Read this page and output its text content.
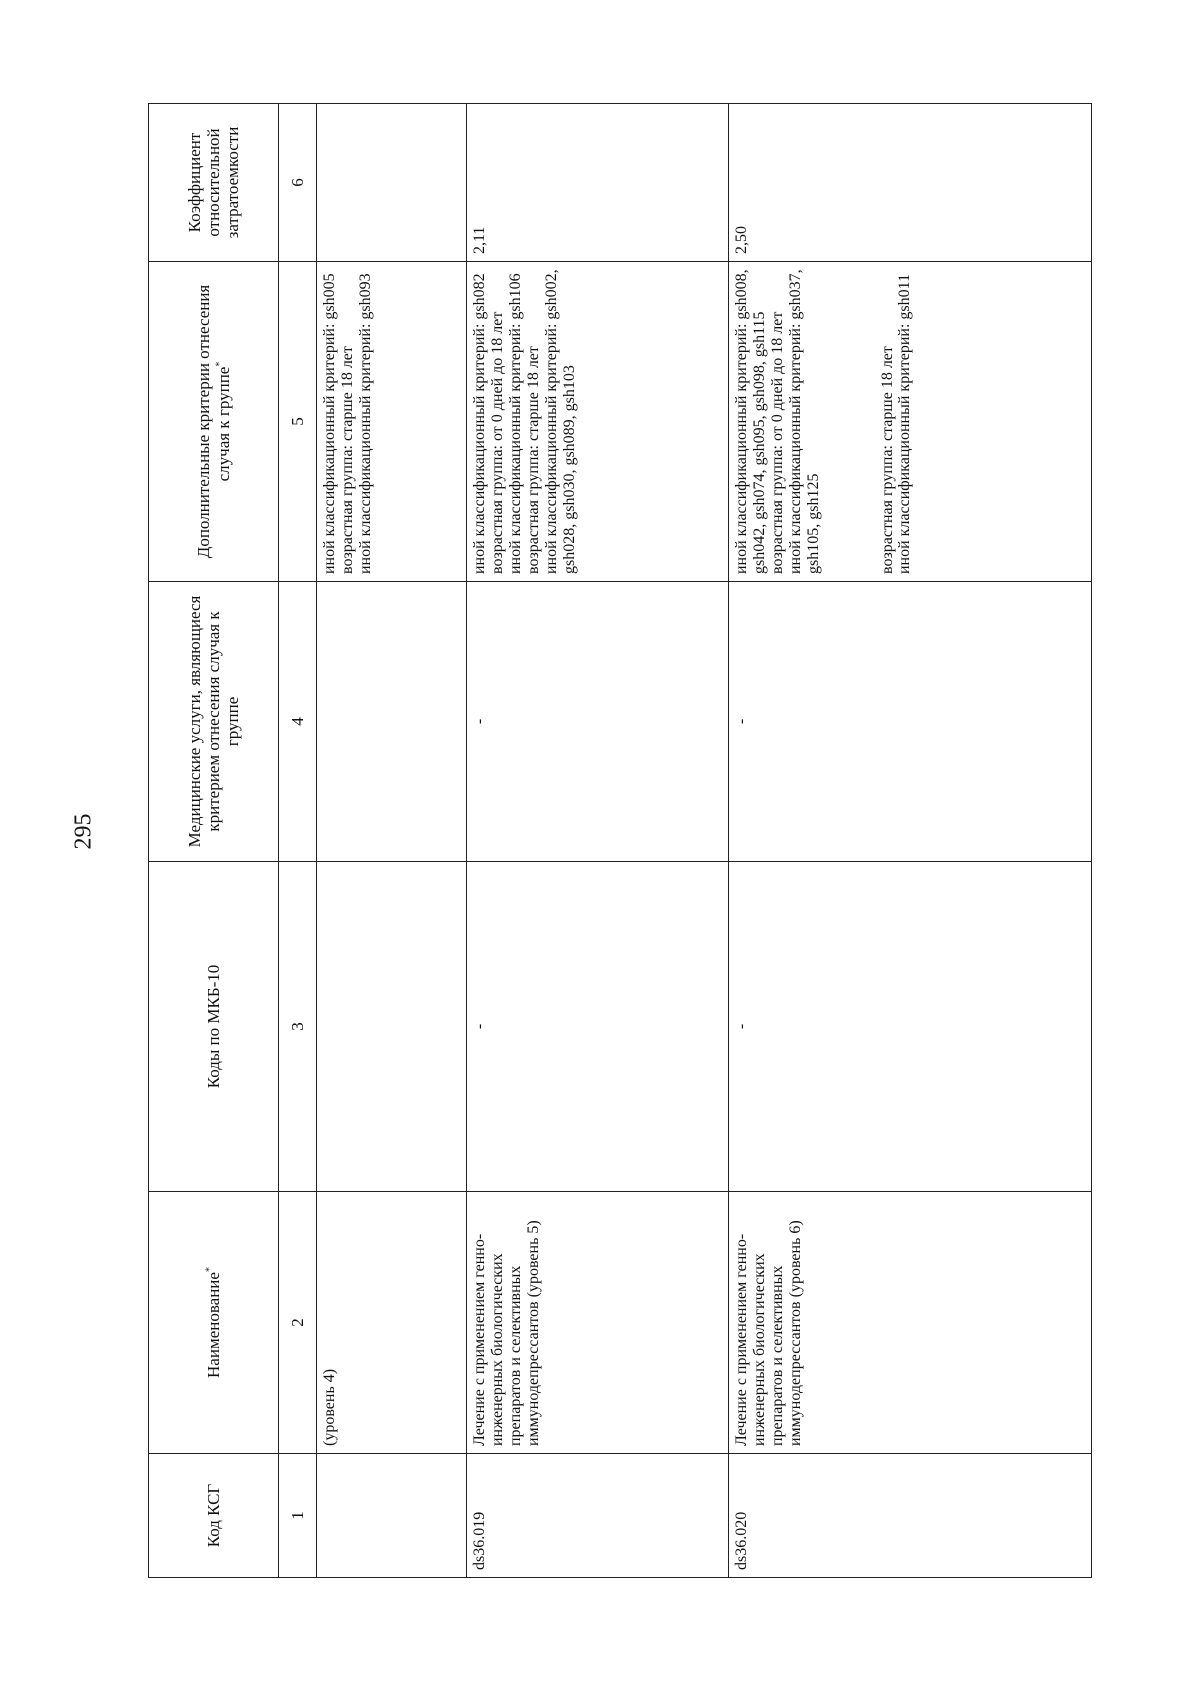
295
Код КСГ	Наименование*	Коды по МКБ-10	Медицинские услуги, являющиеся критерием отнесения случая к группе	Дополнительные критерии отнесения случая к группе*	Коэффициент относительной затратоемкости
1	2	3	4	5	6
	(уровень 4)			иной классификационный критерий: gsh005 возрастная группа: старше 18 лет иной классификационный критерий: gsh093	

ds36.019	Лечение с применением генно-инженерных биологических препаратов и селективных иммунодепрессантов (уровень 5)	-	-	иной классификационный критерий: gsh082 возрастная группа: от 0 дней до 18 лет иной классификационный критерий: gsh106 возрастная группа: старше 18 лет иной классификационный критерий: gsh002, gsh028, gsh030, gsh089, gsh103	2,11
ds36.020	Лечение с применением генно-инженерных биологических препаратов и селективных иммунодепрессантов (уровень 6)	-	-	иной классификационный критерий: gsh008, gsh042, gsh074, gsh095, gsh098, gsh115 возрастная группа: от 0 дней до 18 лет иной классификационный критерий: gsh037, gsh105, gsh125 возрастная группа: старше 18 лет иной классификационный критерий: gsh011	2,50
